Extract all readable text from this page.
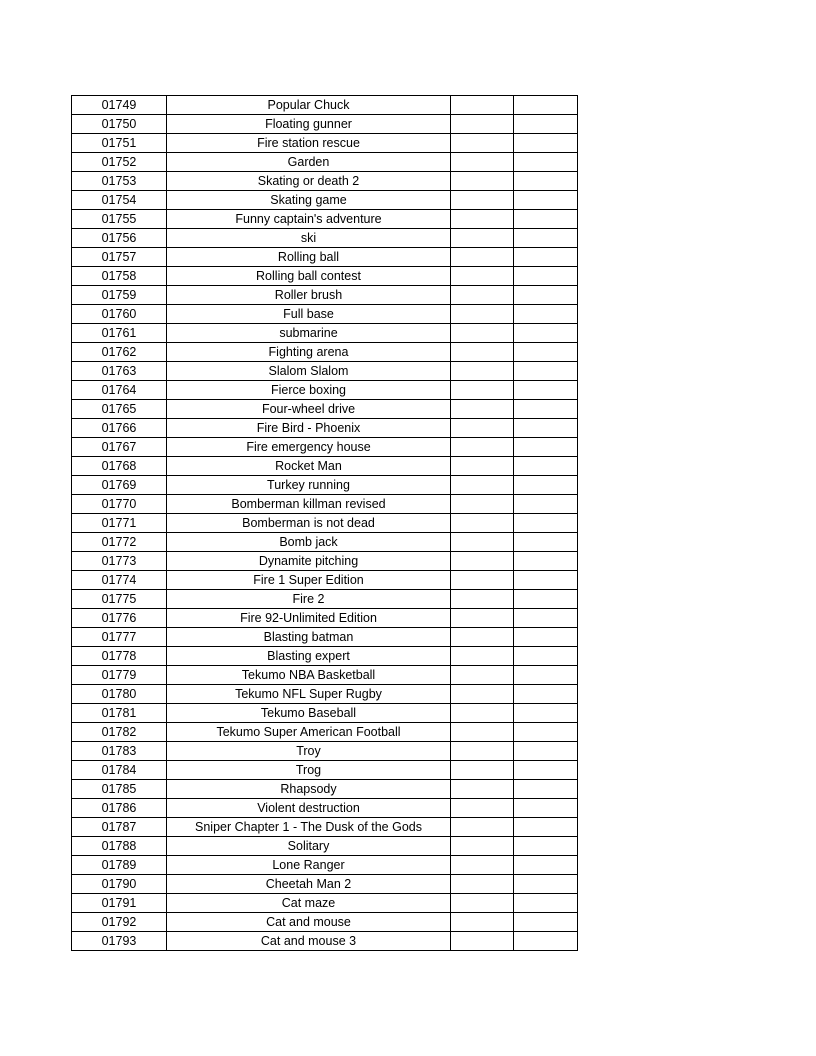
01749	Popular Chuck		
01750	Floating gunner		
01751	Fire station rescue		
01752	Garden		
01753	Skating or death 2		
01754	Skating game		
01755	Funny captain's adventure		
01756	ski		
01757	Rolling ball		
01758	Rolling ball contest		
01759	Roller brush		
01760	Full base		
01761	submarine		
01762	Fighting arena		
01763	Slalom Slalom		
01764	Fierce boxing		
01765	Four-wheel drive		
01766	Fire Bird - Phoenix		
01767	Fire emergency house		
01768	Rocket Man		
01769	Turkey running		
01770	Bomberman killman revised		
01771	Bomberman is not dead		
01772	Bomb jack		
01773	Dynamite pitching		
01774	Fire 1 Super Edition		
01775	Fire 2		
01776	Fire 92-Unlimited Edition		
01777	Blasting batman		
01778	Blasting expert		
01779	Tekumo NBA Basketball		
01780	Tekumo NFL Super Rugby		
01781	Tekumo Baseball		
01782	Tekumo Super American Football		
01783	Troy		
01784	Trog		
01785	Rhapsody		
01786	Violent destruction		
01787	Sniper Chapter 1 - The Dusk of the Gods		
01788	Solitary		
01789	Lone Ranger		
01790	Cheetah Man 2		
01791	Cat maze		
01792	Cat and mouse		
01793	Cat and mouse 3		
